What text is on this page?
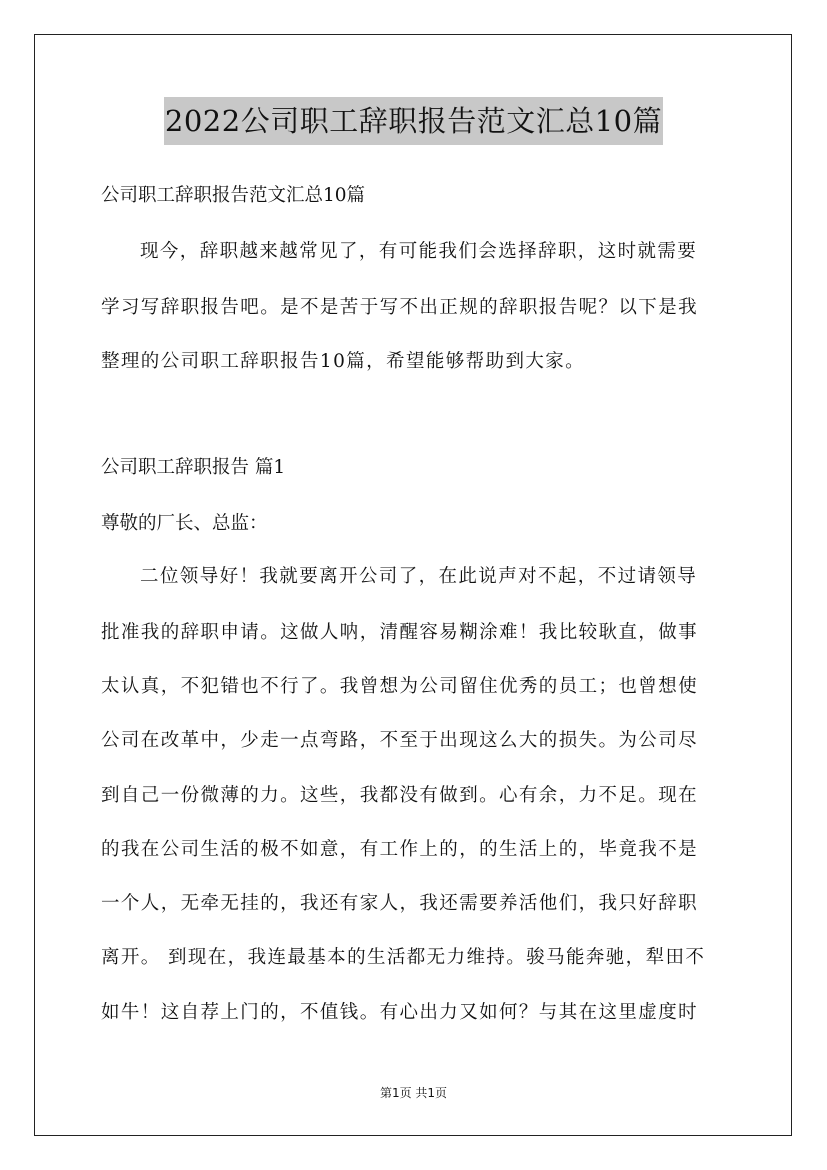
2022公司职工辞职报告范文汇总10篇
公司职工辞职报告范文汇总10篇
现今，辞职越来越常见了，有可能我们会选择辞职，这时就需要
学习写辞职报告吧。是不是苦于写不出正规的辞职报告呢？以下是我
整理的公司职工辞职报告10篇，希望能够帮助到大家。
公司职工辞职报告 篇1
尊敬的厂长、总监：
二位领导好！我就要离开公司了，在此说声对不起，不过请领导
批准我的辞职申请。这做人呐，清醒容易糊涂难！我比较耿直，做事
太认真，不犯错也不行了。我曾想为公司留住优秀的员工；也曾想使
公司在改革中，少走一点弯路，不至于出现这么大的损失。为公司尽
到自己一份微薄的力。这些，我都没有做到。心有余，力不足。现在
的我在公司生活的极不如意，有工作上的，的生活上的，毕竟我不是
一个人，无牵无挂的，我还有家人，我还需要养活他们，我只好辞职
离开。 到现在，我连最基本的生活都无力维持。骏马能奔驰，犁田不
如牛！这自荐上门的，不值钱。有心出力又如何？与其在这里虚度时
第1页 共1页
